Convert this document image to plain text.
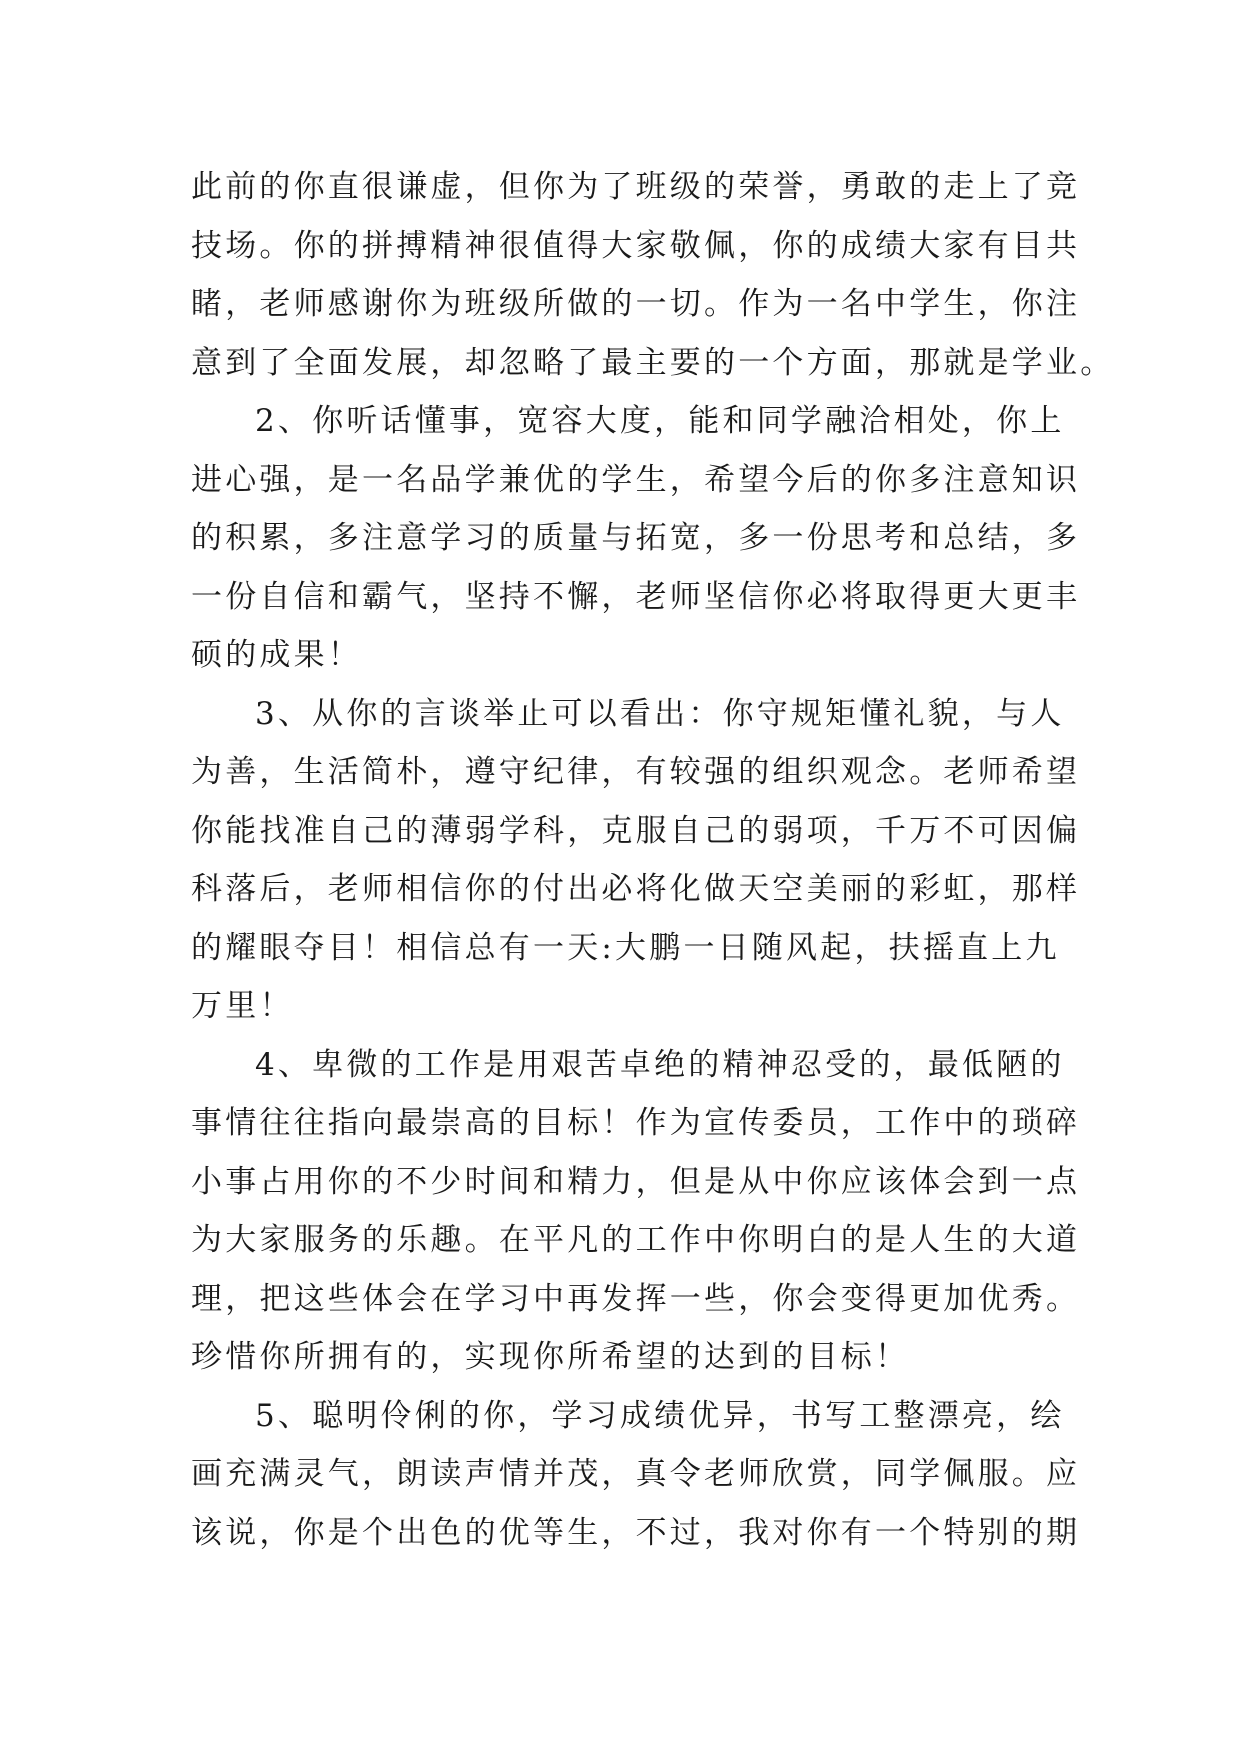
此前的你直很谦虚，但你为了班级的荣誉，勇敢的走上了竞
技场。你的拼搏精神很值得大家敬佩，你的成绩大家有目共
睹，老师感谢你为班级所做的一切。作为一名中学生，你注
意到了全面发展，却忽略了最主要的一个方面，那就是学业。
2、你听话懂事，宽容大度，能和同学融洽相处，你上
进心强，是一名品学兼优的学生，希望今后的你多注意知识
的积累，多注意学习的质量与拓宽，多一份思考和总结，多
一份自信和霸气，坚持不懈，老师坚信你必将取得更大更丰
硕的成果！
3、从你的言谈举止可以看出：你守规矩懂礼貌，与人
为善，生活简朴，遵守纪律，有较强的组织观念。老师希望
你能找准自己的薄弱学科，克服自己的弱项，千万不可因偏
科落后，老师相信你的付出必将化做天空美丽的彩虹，那样
的耀眼夺目！相信总有一天:大鹏一日随风起，扶摇直上九
万里！
4、卑微的工作是用艰苦卓绝的精神忍受的，最低陋的
事情往往指向最崇高的目标！作为宣传委员，工作中的琐碎
小事占用你的不少时间和精力，但是从中你应该体会到一点
为大家服务的乐趣。在平凡的工作中你明白的是人生的大道
理，把这些体会在学习中再发挥一些，你会变得更加优秀。
珍惜你所拥有的，实现你所希望的达到的目标！
5、聪明伶俐的你，学习成绩优异，书写工整漂亮，绘
画充满灵气，朗读声情并茂，真令老师欣赏，同学佩服。应
该说，你是个出色的优等生，不过，我对你有一个特别的期
